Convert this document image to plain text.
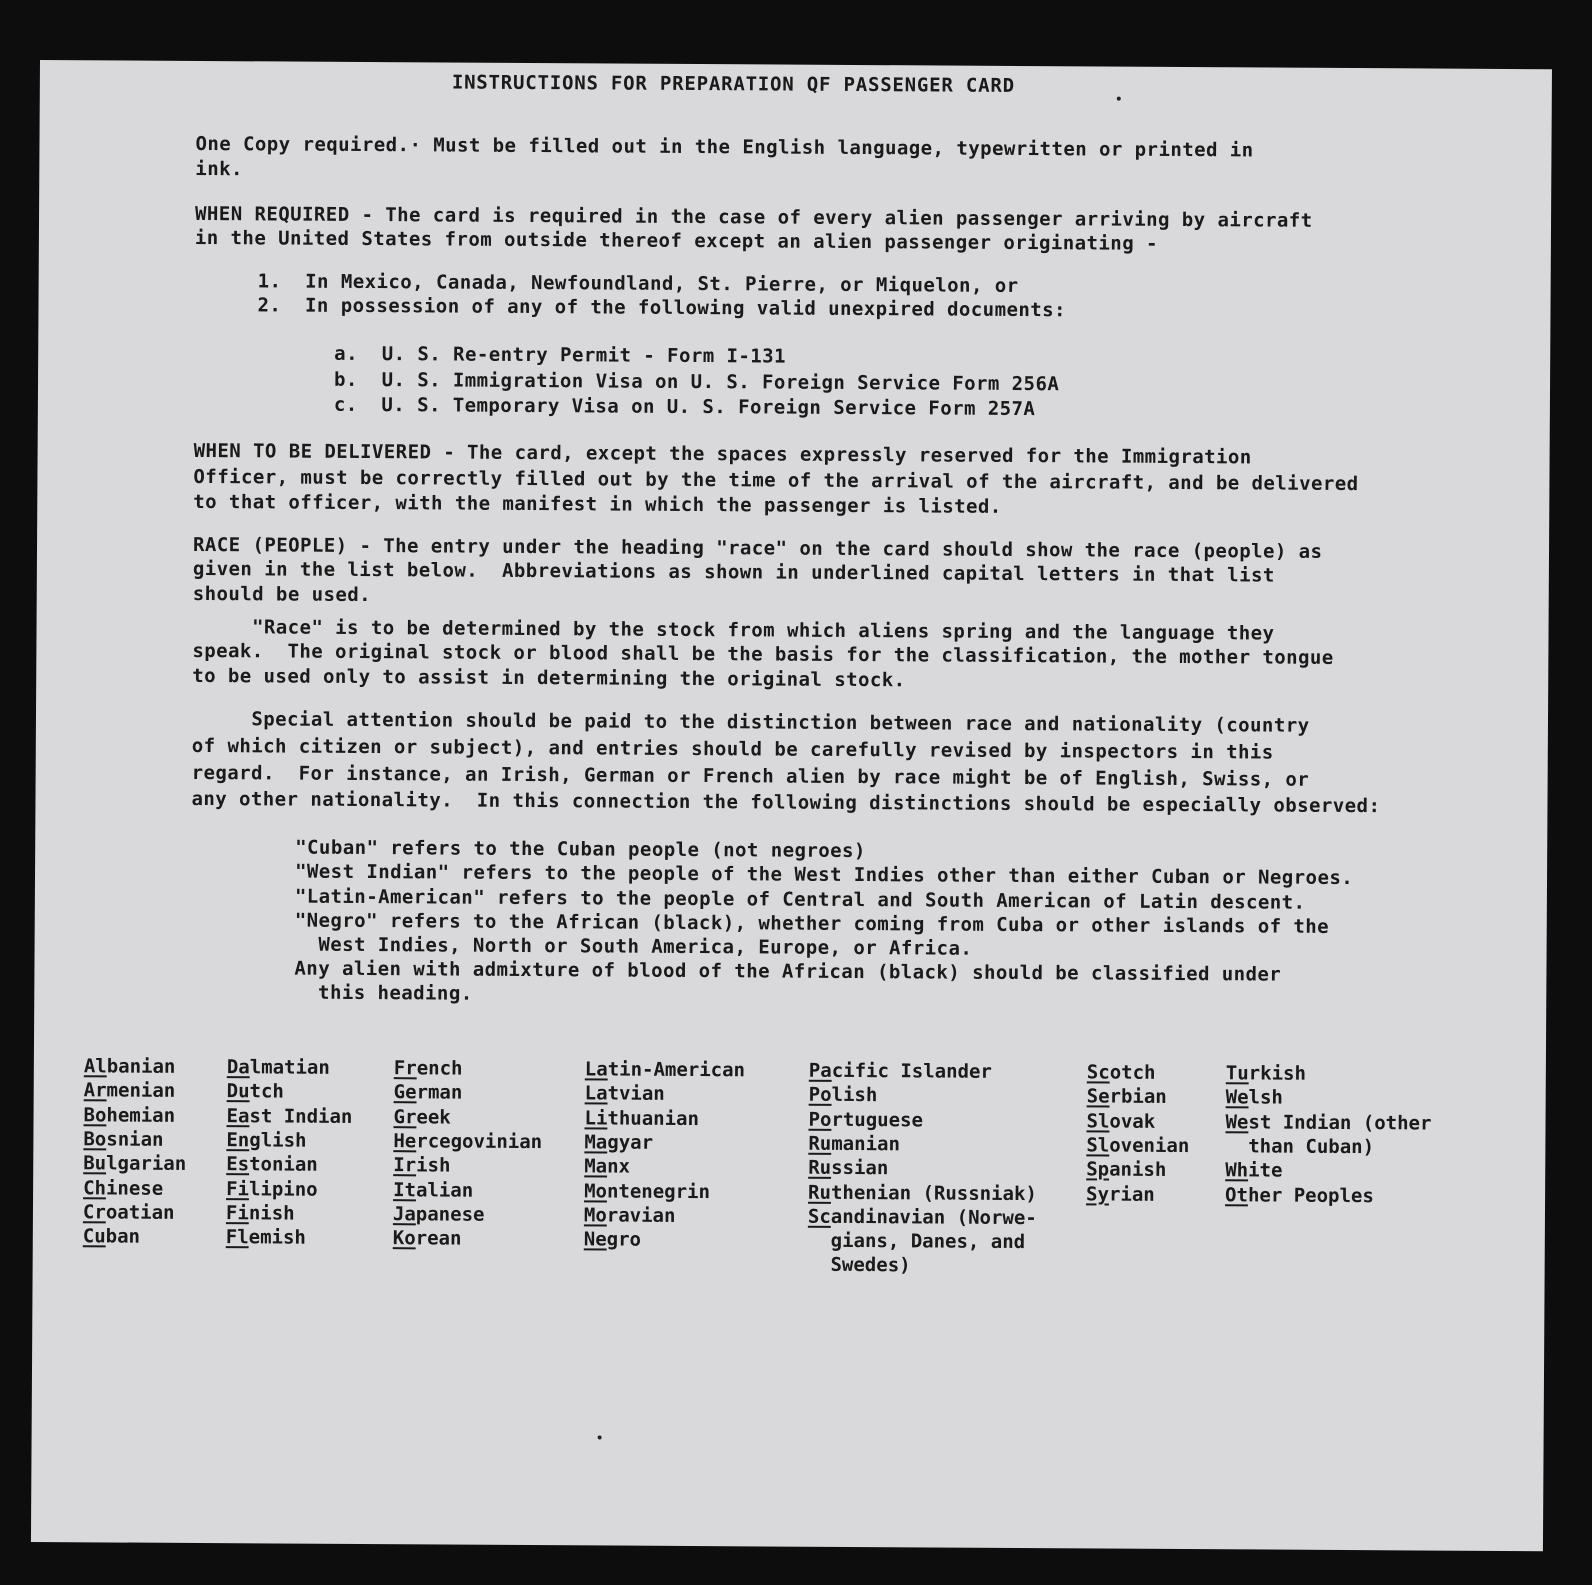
INSTRUCTIONS FOR PREPARATION QF PASSENGER CARD
One Copy required.· Must be filled out in the English language, typewritten or printed in
ink.
WHEN REQUIRED - The card is required in the case of every alien passenger arriving by aircraft
in the United States from outside thereof except an alien passenger originating -
1.  In Mexico, Canada, Newfoundland, St. Pierre, or Miquelon, or
2.  In possession of any of the following valid unexpired documents:
a.  U. S. Re-entry Permit - Form I-131
b.  U. S. Immigration Visa on U. S. Foreign Service Form 256A
c.  U. S. Temporary Visa on U. S. Foreign Service Form 257A
WHEN TO BE DELIVERED - The card, except the spaces expressly reserved for the Immigration
Officer, must be correctly filled out by the time of the arrival of the aircraft, and be delivered
to that officer, with the manifest in which the passenger is listed.
RACE (PEOPLE) - The entry under the heading "race" on the card should show the race (people) as
given in the list below.  Abbreviations as shown in underlined capital letters in that list
should be used.
"Race" is to be determined by the stock from which aliens spring and the language they
speak.  The original stock or blood shall be the basis for the classification, the mother tongue
to be used only to assist in determining the original stock.
Special attention should be paid to the distinction between race and nationality (country
of which citizen or subject), and entries should be carefully revised by inspectors in this
regard.  For instance, an Irish, German or French alien by race might be of English, Swiss, or
any other nationality.  In this connection the following distinctions should be especially observed:
"Cuban" refers to the Cuban people (not negroes)
"West Indian" refers to the people of the West Indies other than either Cuban or Negroes.
"Latin-American" refers to the people of Central and South American of Latin descent.
"Negro" refers to the African (black), whether coming from Cuba or other islands of the
West Indies, North or South America, Europe, or Africa.
Any alien with admixture of blood of the African (black) should be classified under
this heading.
Albanian
Armenian
Bohemian
Bosnian
Bulgarian
Chinese
Croatian
Cuban
Dalmatian
Dutch
East Indian
English
Estonian
Filipino
Finish
Flemish
French
German
Greek
Hercegovinian
Irish
Italian
Japanese
Korean
Latin-American
Latvian
Lithuanian
Magyar
Manx
Montenegrin
Moravian
Negro
Pacific Islander
Polish
Portuguese
Rumanian
Russian
Ruthenian (Russniak)
Scandinavian (Norwe-
gians, Danes, and
Swedes)
Scotch
Serbian
Slovak
Slovenian
Spanish
Syrian
Turkish
Welsh
West Indian (other
than Cuban)
White
Other Peoples
